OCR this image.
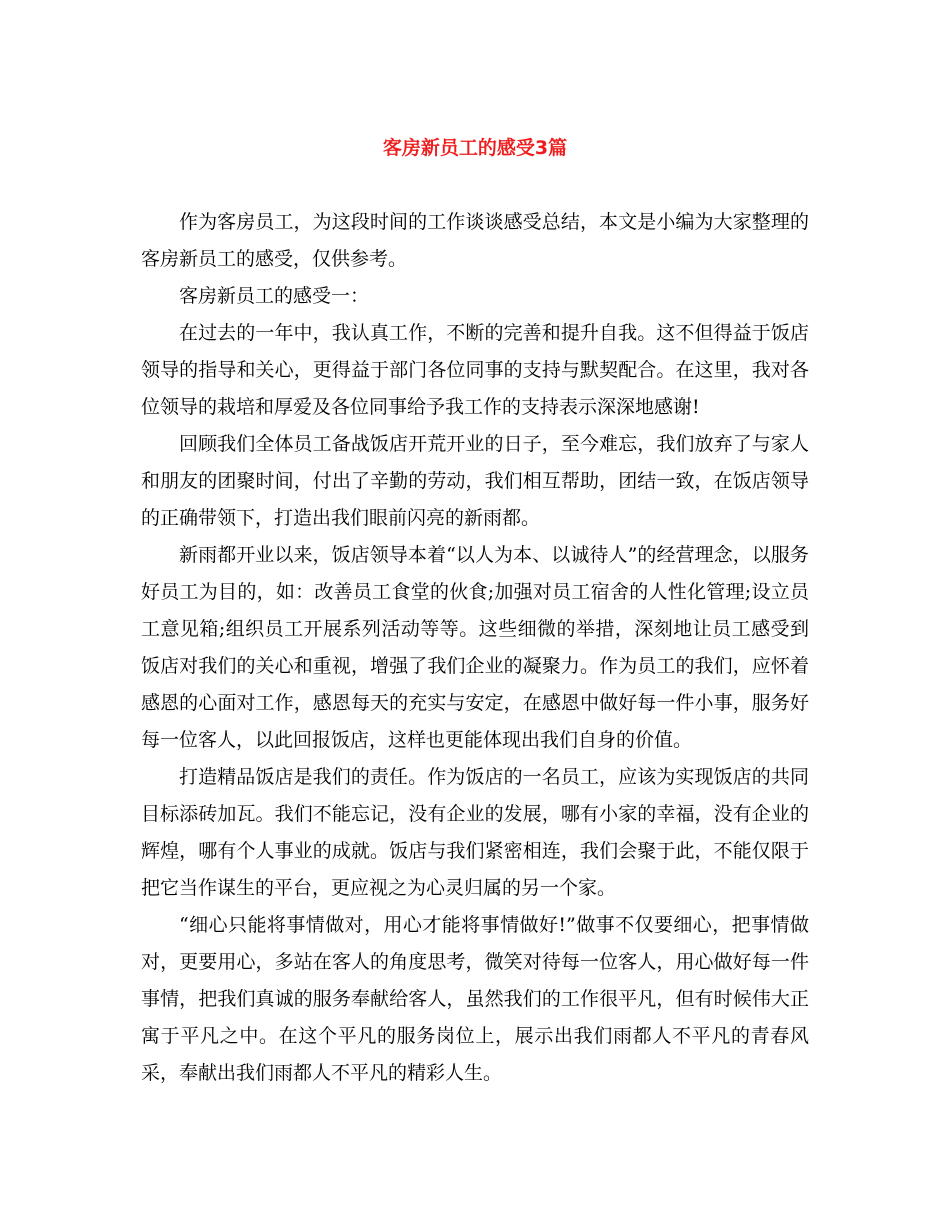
客房新员工的感受3篇

作为客房员工，为这段时间的工作谈谈感受总结，本文是小编为大家整理的客房新员工的感受，仅供参考。

客房新员工的感受一：

在过去的一年中，我认真工作，不断的完善和提升自我。这不但得益于饭店领导的指导和关心，更得益于部门各位同事的支持与默契配合。在这里，我对各位领导的栽培和厚爱及各位同事给予我工作的支持表示深深地感谢!

回顾我们全体员工备战饭店开荒开业的日子，至今难忘，我们放弃了与家人和朋友的团聚时间，付出了辛勤的劳动，我们相互帮助，团结一致，在饭店领导的正确带领下，打造出我们眼前闪亮的新雨都。

新雨都开业以来，饭店领导本着“以人为本、以诚待人”的经营理念，以服务好员工为目的，如：改善员工食堂的伙食;加强对员工宿舍的人性化管理;设立员工意见箱;组织员工开展系列活动等等。这些细微的举措，深刻地让员工感受到饭店对我们的关心和重视，增强了我们企业的凝聚力。作为员工的我们，应怀着感恩的心面对工作，感恩每天的充实与安定，在感恩中做好每一件小事，服务好每一位客人，以此回报饭店，这样也更能体现出我们自身的价值。

打造精品饭店是我们的责任。作为饭店的一名员工，应该为实现饭店的共同目标添砖加瓦。我们不能忘记，没有企业的发展，哪有小家的幸福，没有企业的辉煌，哪有个人事业的成就。饭店与我们紧密相连，我们会聚于此，不能仅限于把它当作谋生的平台，更应视之为心灵归属的另一个家。

“细心只能将事情做对，用心才能将事情做好!”做事不仅要细心，把事情做对，更要用心，多站在客人的角度思考，微笑对待每一位客人，用心做好每一件事情，把我们真诚的服务奉献给客人，虽然我们的工作很平凡，但有时候伟大正寓于平凡之中。在这个平凡的服务岗位上，展示出我们雨都人不平凡的青春风采，奉献出我们雨都人不平凡的精彩人生。
